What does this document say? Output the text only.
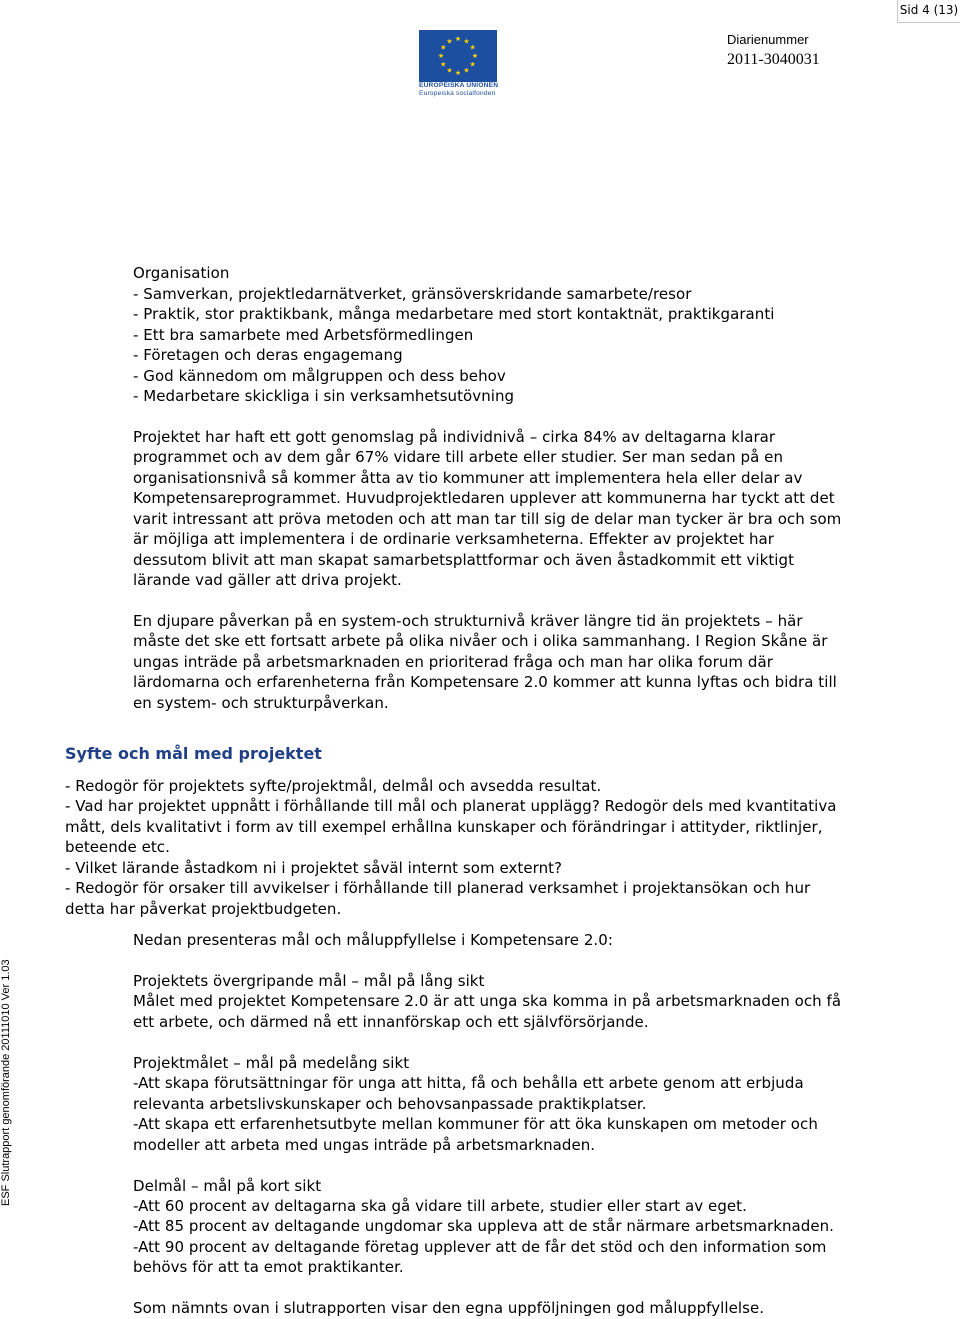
Sid 4 (13)
★ ★
★
★
★
★
★
★
★
★
★
★
EUROPEISKA UNIONEN
Europeiska socialfonden
Diarienummer
2011-3040031
ESF Slutrapport genomförande 20111010 Ver 1.03
Organisation
- Samverkan, projektledarnätverket, gränsöverskridande samarbete/resor
- Praktik, stor praktikbank, många medarbetare med stort kontaktnät, praktikgaranti
- Ett bra samarbete med Arbetsförmedlingen
- Företagen och deras engagemang
- God kännedom om målgruppen och dess behov
- Medarbetare skickliga i sin verksamhetsutövning
Projektet har haft ett gott genomslag på individnivå – cirka 84% av deltagarna klarar
programmet och av dem går 67% vidare till arbete eller studier. Ser man sedan på en
organisationsnivå så kommer åtta av tio kommuner att implementera hela eller delar av
Kompetensareprogrammet. Huvudprojektledaren upplever att kommunerna har tyckt att det
varit intressant att pröva metoden och att man tar till sig de delar man tycker är bra och som
är möjliga att implementera i de ordinarie verksamheterna. Effekter av projektet har
dessutom blivit att man skapat samarbetsplattformar och även åstadkommit ett viktigt
lärande vad gäller att driva projekt.
En djupare påverkan på en system-och strukturnivå kräver längre tid än projektets – här
måste det ske ett fortsatt arbete på olika nivåer och i olika sammanhang. I Region Skåne är
ungas inträde på arbetsmarknaden en prioriterad fråga och man har olika forum där
lärdomarna och erfarenheterna från Kompetensare 2.0 kommer att kunna lyftas och bidra till
en system- och strukturpåverkan.
Syfte och mål med projektet
- Redogör för projektets syfte/projektmål, delmål och avsedda resultat.
- Vad har projektet uppnått i förhållande till mål och planerat upplägg? Redogör dels med kvantitativa
mått, dels kvalitativt i form av till exempel erhållna kunskaper och förändringar i attityder, riktlinjer,
beteende etc.
- Vilket lärande åstadkom ni i projektet såväl internt som externt?
- Redogör för orsaker till avvikelser i förhållande till planerad verksamhet i projektansökan och hur
detta har påverkat projektbudgeten.
Nedan presenteras mål och måluppfyllelse i Kompetensare 2.0:
Projektets övergripande mål – mål på lång sikt
Målet med projektet Kompetensare 2.0 är att unga ska komma in på arbetsmarknaden och få
ett arbete, och därmed nå ett innanförskap och ett självförsörjande.
Projektmålet – mål på medelång sikt
-Att skapa förutsättningar för unga att hitta, få och behålla ett arbete genom att erbjuda
relevanta arbetslivskunskaper och behovsanpassade praktikplatser.
-Att skapa ett erfarenhetsutbyte mellan kommuner för att öka kunskapen om metoder och
modeller att arbeta med ungas inträde på arbetsmarknaden.
Delmål – mål på kort sikt
-Att 60 procent av deltagarna ska gå vidare till arbete, studier eller start av eget.
-Att 85 procent av deltagande ungdomar ska uppleva att de står närmare arbetsmarknaden.
-Att 90 procent av deltagande företag upplever att de får det stöd och den information som
behövs för att ta emot praktikanter.
Som nämnts ovan i slutrapporten visar den egna uppföljningen god måluppfyllelse.
